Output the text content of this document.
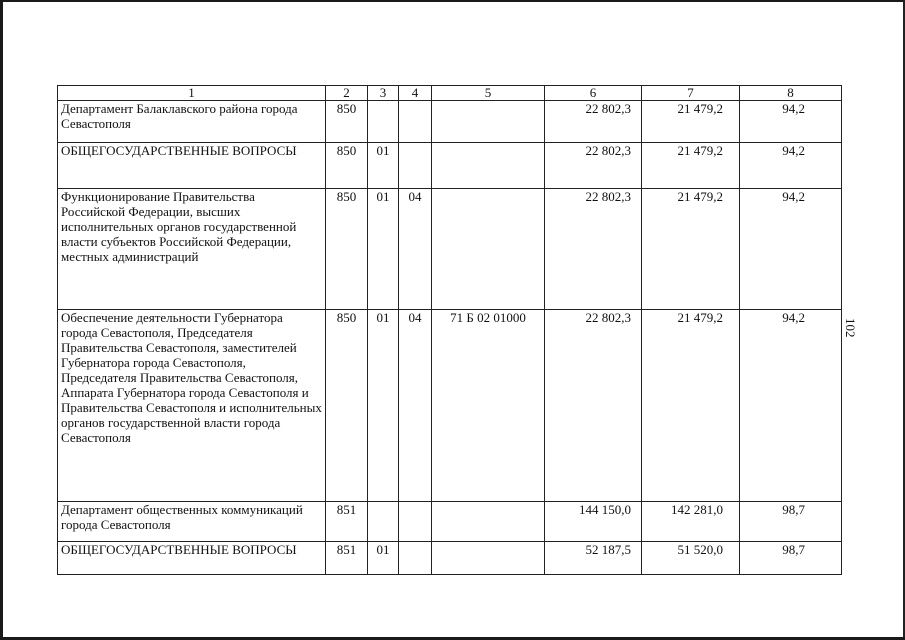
102
1	2	3	4	5	6	7	8
Департамент Балаклавского района города Севастополя	850				22 802,3	21 479,2	94,2
ОБЩЕГОСУДАРСТВЕННЫЕ ВОПРОСЫ	850	01			22 802,3	21 479,2	94,2
Функционирование Правительства Российской Федерации, высших исполнительных органов государственной власти субъектов Российской Федерации, местных администраций	850	01	04		22 802,3	21 479,2	94,2
Обеспечение деятельности Губернатора города Севастополя, Председателя Правительства Севастополя, заместителей Губернатора города Севастополя, Председателя Правительства Севастополя, Аппарата Губернатора города Севастополя и Правительства Севастополя и исполнительных органов государственной власти города Севастополя	850	01	04	71 Б 02 01000	22 802,3	21 479,2	94,2
Департамент общественных коммуникаций города Севастополя	851				144 150,0	142 281,0	98,7
ОБЩЕГОСУДАРСТВЕННЫЕ ВОПРОСЫ	851	01			52 187,5	51 520,0	98,7
